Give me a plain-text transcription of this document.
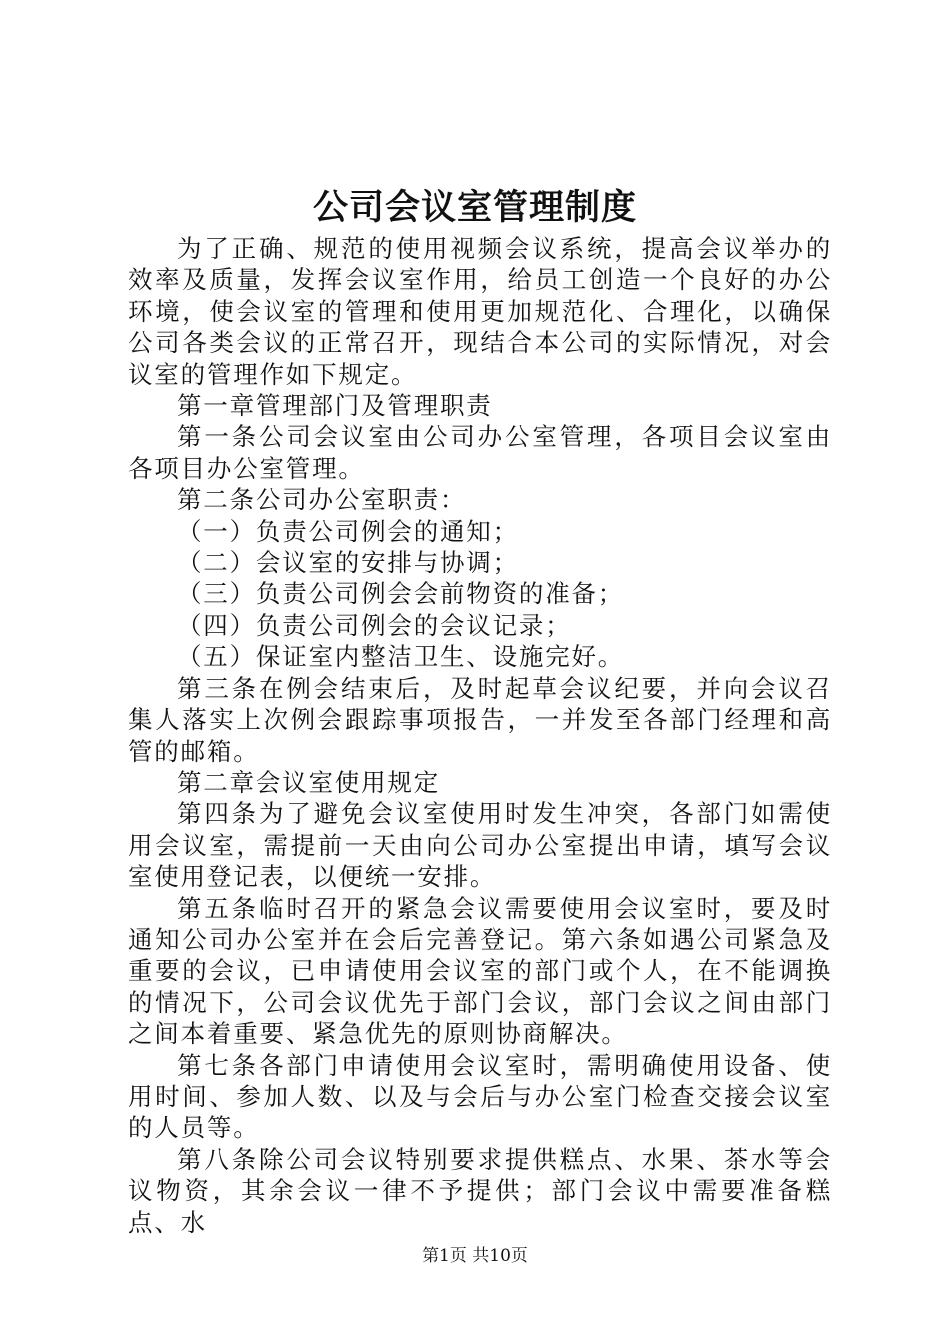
公司会议室管理制度

为了正确、规范的使用视频会议系统，提高会议举办的效率及质量，发挥会议室作用，给员工创造一个良好的办公环境，使会议室的管理和使用更加规范化、合理化，以确保公司各类会议的正常召开，现结合本公司的实际情况，对会议室的管理作如下规定。

第一章管理部门及管理职责

第一条公司会议室由公司办公室管理，各项目会议室由各项目办公室管理。

第二条公司办公室职责：

（一）负责公司例会的通知；

（二）会议室的安排与协调；

（三）负责公司例会会前物资的准备；

（四）负责公司例会的会议记录；

（五）保证室内整洁卫生、设施完好。

第三条在例会结束后，及时起草会议纪要，并向会议召集人落实上次例会跟踪事项报告，一并发至各部门经理和高管的邮箱。

第二章会议室使用规定

第四条为了避免会议室使用时发生冲突，各部门如需使用会议室，需提前一天由向公司办公室提出申请，填写会议室使用登记表，以便统一安排。

第五条临时召开的紧急会议需要使用会议室时，要及时通知公司办公室并在会后完善登记。第六条如遇公司紧急及重要的会议，已申请使用会议室的部门或个人，在不能调换的情况下，公司会议优先于部门会议，部门会议之间由部门之间本着重要、紧急优先的原则协商解决。

第七条各部门申请使用会议室时，需明确使用设备、使用时间、参加人数、以及与会后与办公室门检查交接会议室的人员等。

第八条除公司会议特别要求提供糕点、水果、茶水等会议物资，其余会议一律不予提供；部门会议中需要准备糕点、水

第1页 共10页
